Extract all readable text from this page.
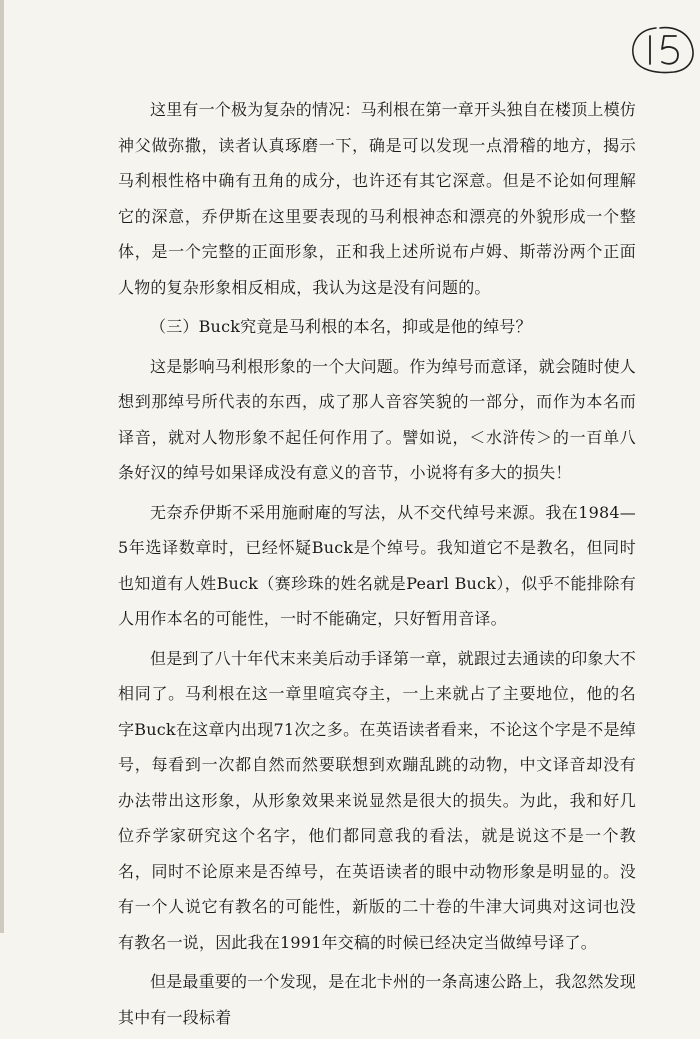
这里有一个极为复杂的情况：马利根在第一章开头独自在楼顶上模仿神父做弥撒，读者认真琢磨一下，确是可以发现一点滑稽的地方，揭示马利根性格中确有丑角的成分，也许还有其它深意。但是不论如何理解它的深意，乔伊斯在这里要表现的马利根神态和漂亮的外貌形成一个整体，是一个完整的正面形象，正和我上述所说布卢姆、斯蒂汾两个正面人物的复杂形象相反相成，我认为这是没有问题的。

（三）Buck究竟是马利根的本名，抑或是他的绰号？

这是影响马利根形象的一个大问题。作为绰号而意译，就会随时使人想到那绰号所代表的东西，成了那人音容笑貌的一部分，而作为本名而译音，就对人物形象不起任何作用了。譬如说，＜水浒传＞的一百单八条好汉的绰号如果译成没有意义的音节，小说将有多大的损失！

无奈乔伊斯不采用施耐庵的写法，从不交代绰号来源。我在1984—5年选译数章时，已经怀疑Buck是个绰号。我知道它不是教名，但同时也知道有人姓Buck（赛珍珠的姓名就是Pearl Buck），似乎不能排除有人用作本名的可能性，一时不能确定，只好暂用音译。

但是到了八十年代末来美后动手译第一章，就跟过去通读的印象大不相同了。马利根在这一章里喧宾夺主，一上来就占了主要地位，他的名字Buck在这章内出现71次之多。在英语读者看来，不论这个字是不是绰号，每看到一次都自然而然要联想到欢蹦乱跳的动物，中文译音却没有办法带出这形象，从形象效果来说显然是很大的损失。为此，我和好几位乔学家研究这个名字，他们都同意我的看法，就是说这不是一个教名，同时不论原来是否绰号，在英语读者的眼中动物形象是明显的。没有一个人说它有教名的可能性，新版的二十卷的牛津大词典对这词也没有教名一说，因此我在1991年交稿的时候已经决定当做绰号译了。

但是最重要的一个发现，是在北卡州的一条高速公路上，我忽然发现其中有一段标着
